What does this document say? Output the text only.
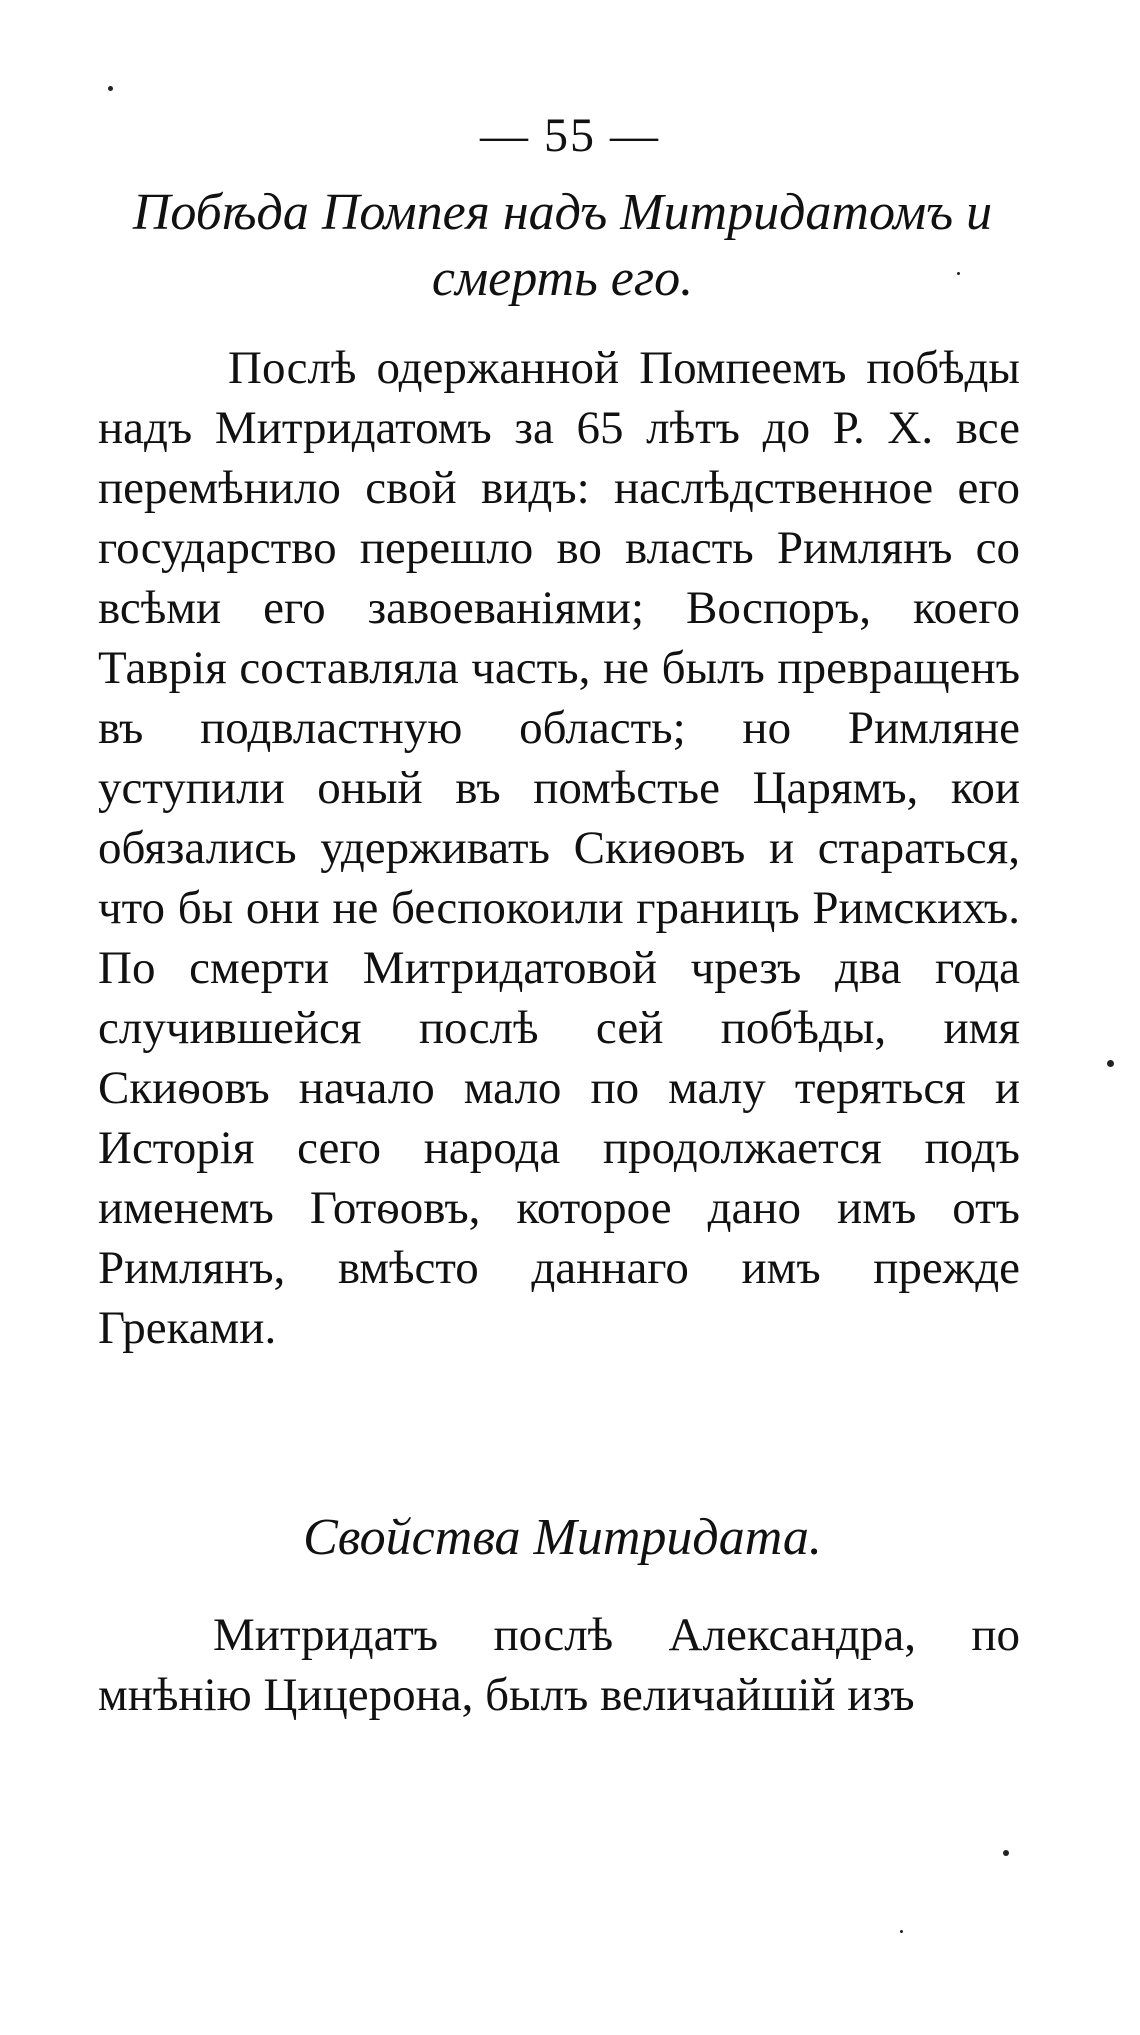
— 55 —
Побѣда Помпея надъ Митридатомъ и смерть его.

Послѣ одержанной Помпеемъ побѣды надъ Митридатомъ за 65 лѣтъ до Р. Х. все перемѣнило свой видъ: наслѣдственное его государство перешло во власть Римлянъ со всѣми его завоеванiями; Воспоръ, коего Таврiя составляла часть, не былъ превращенъ въ подвластную область; но Римляне уступили оный въ помѣстье Царямъ, кои обязались удерживать Скиѳовъ и стараться, что бы они не беспокоили границъ Римскихъ. По смерти Митридатовой чрезъ два года случившейся послѣ сей побѣды, имя Скиѳовъ начало мало по малу теряться и Исторiя сего народа продолжается подъ именемъ Готѳовъ, которое дано имъ отъ Римлянъ, вмѣсто даннаго имъ прежде Греками.

Свойства Митридата.

Митридатъ послѣ Александра, по мнѣнiю Цицерона, былъ величайшiй изъ
